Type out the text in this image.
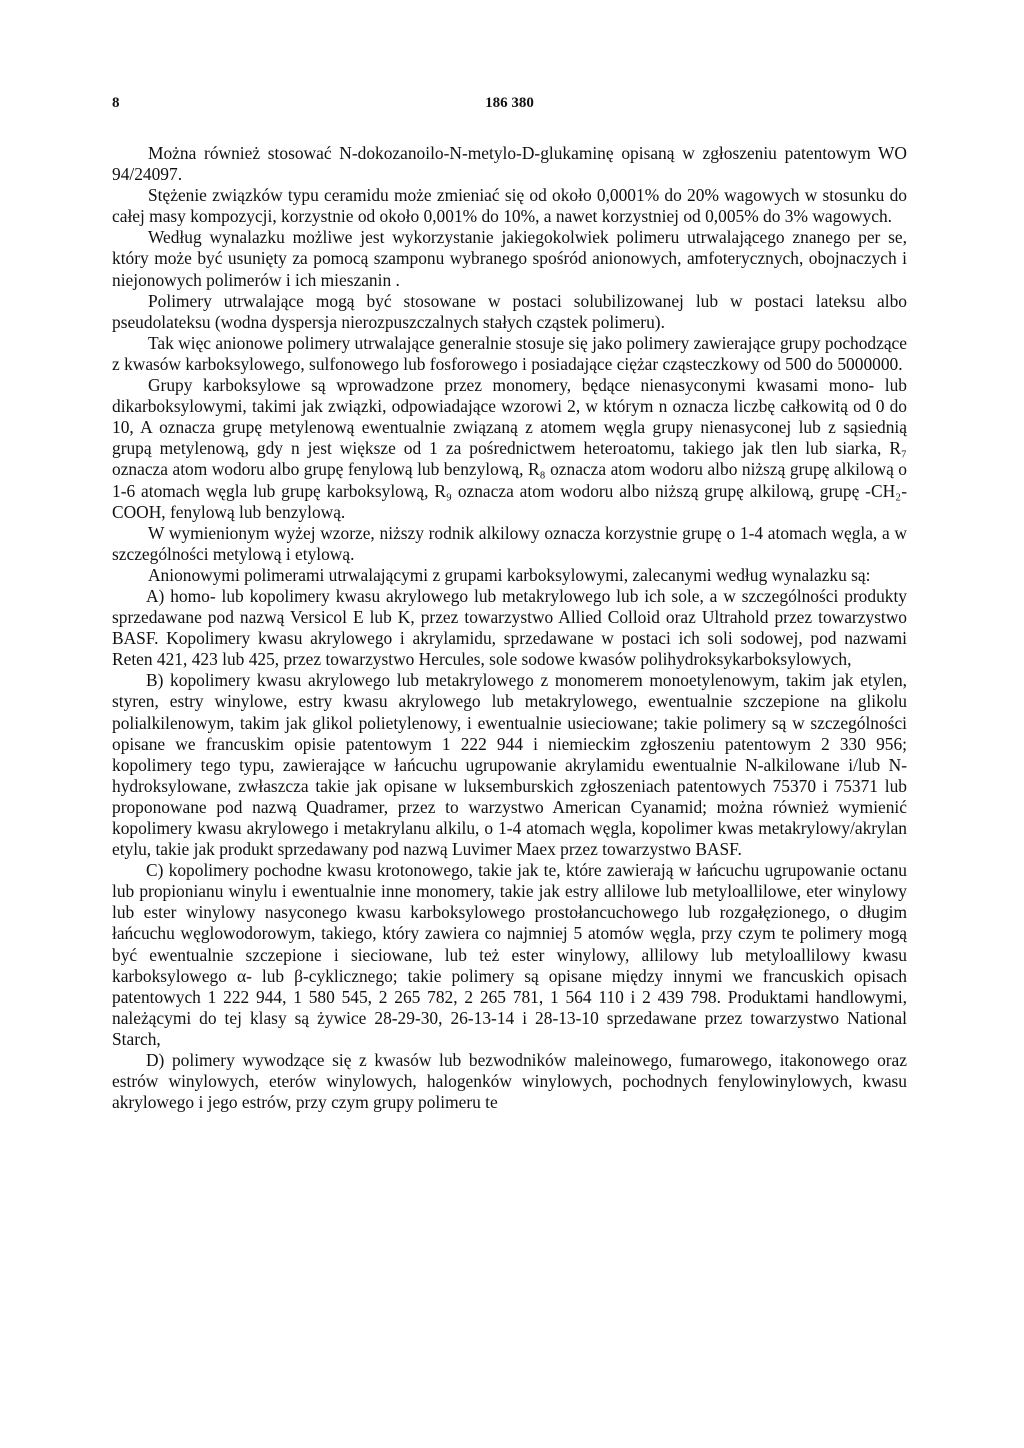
8	186 380

Można również stosować N-dokozanoilo-N-metylo-D-glukaminę opisaną w zgłoszeniu patentowym WO 94/24097.

Stężenie związków typu ceramidu może zmieniać się od około 0,0001% do 20% wagowych w stosunku do całej masy kompozycji, korzystnie od około 0,001% do 10%, a nawet korzystniej od 0,005% do 3% wagowych.

Według wynalazku możliwe jest wykorzystanie jakiegokolwiek polimeru utrwalającego znanego per se, który może być usunięty za pomocą szamponu wybranego spośród anionowych, amfoterycznych, obojnaczych i niejonowych polimerów i ich mieszanin .

Polimery utrwalające mogą być stosowane w postaci solubilizowanej lub w postaci lateksu albo pseudolateksu (wodna dyspersja nierozpuszczalnych stałych cząstek polimeru).

Tak więc anionowe polimery utrwalające generalnie stosuje się jako polimery zawierające grupy pochodzące z kwasów karboksylowego, sulfonowego lub fosforowego i posiadające ciężar cząsteczkowy od 500 do 5000000.

Grupy karboksylowe są wprowadzone przez monomery, będące nienasyconymi kwasami mono- lub dikarboksylowymi, takimi jak związki, odpowiadające wzorowi 2, w którym n oznacza liczbę całkowitą od 0 do 10, A oznacza grupę metylenową ewentualnie związaną z atomem węgla grupy nienasyconej lub z sąsiednią grupą metylenową, gdy n jest większe od 1 za pośrednictwem heteroatomu, takiego jak tlen lub siarka, R₇ oznacza atom wodoru albo grupę fenylową lub benzylową, R₈ oznacza atom wodoru albo niższą grupę alkilową o 1-6 atomach węgla lub grupę karboksylową, R₉ oznacza atom wodoru albo niższą grupę alkilową, grupę -CH₂-COOH, fenylową lub benzylową.

W wymienionym wyżej wzorze, niższy rodnik alkilowy oznacza korzystnie grupę o 1-4 atomach węgla, a w szczególności metylową i etylową.

Anionowymi polimerami utrwalającymi z grupami karboksylowymi, zalecanymi według wynalazku są:

A) homo- lub kopolimery kwasu akrylowego lub metakrylowego lub ich sole, a w szczególności produkty sprzedawane pod nazwą Versicol E lub K, przez towarzystwo Allied Colloid oraz Ultrahold przez towarzystwo BASF. Kopolimery kwasu akrylowego i akrylamidu, sprzedawane w postaci ich soli sodowej, pod nazwami Reten 421, 423 lub 425, przez towarzystwo Hercules, sole sodowe kwasów polihydroksykarboksylowych,

B) kopolimery kwasu akrylowego lub metakrylowego z monomerem monoetylenowym, takim jak etylen, styren, estry winylowe, estry kwasu akrylowego lub metakrylowego, ewentualnie szczepione na glikolu polialkilenowym, takim jak glikol polietylenowy, i ewentualnie usieciowane; takie polimery są w szczególności opisane we francuskim opisie patentowym 1 222 944 i niemieckim zgłoszeniu patentowym 2 330 956; kopolimery tego typu, zawierające w łańcuchu ugrupowanie akrylamidu ewentualnie N-alkilowane i/lub N-hydroksylowane, zwłaszcza takie jak opisane w luksemburskich zgłoszeniach patentowych 75370 i 75371 lub proponowane pod nazwą Quadramer, przez to warzystwo American Cyanamid; można również wymienić kopolimery kwasu akrylowego i metakrylanu alkilu, o 1-4 atomach węgla, kopolimer kwas metakrylowy/akrylan etylu, takie jak produkt sprzedawany pod nazwą Luvimer Maex przez towarzystwo BASF.

C) kopolimery pochodne kwasu krotonowego, takie jak te, które zawierają w łańcuchu ugrupowanie octanu lub propionianu winylu i ewentualnie inne monomery, takie jak estry allilowe lub metyloallilowe, eter winylowy lub ester winylowy nasyconego kwasu karboksylowego prostołancuchowego lub rozgałęzionego, o długim łańcuchu węglowodorowym, takiego, który zawiera co najmniej 5 atomów węgla, przy czym te polimery mogą być ewentualnie szczepione i sieciowane, lub też ester winylowy, allilowy lub metyloallilowy kwasu karboksylowego α- lub β-cyklicznego; takie polimery są opisane między innymi we francuskich opisach patentowych 1 222 944, 1 580 545, 2 265 782, 2 265 781, 1 564 110 i 2 439 798. Produktami handlowymi, należącymi do tej klasy są żywice 28-29-30, 26-13-14 i 28-13-10 sprzedawane przez towarzystwo National Starch,

D) polimery wywodzące się z kwasów lub bezwodników maleinowego, fumarowego, itakonowego oraz estrów winylowych, eterów winylowych, halogenków winylowych, pochodnych fenylowinylowych, kwasu akrylowego i jego estrów, przy czym grupy polimeru te
